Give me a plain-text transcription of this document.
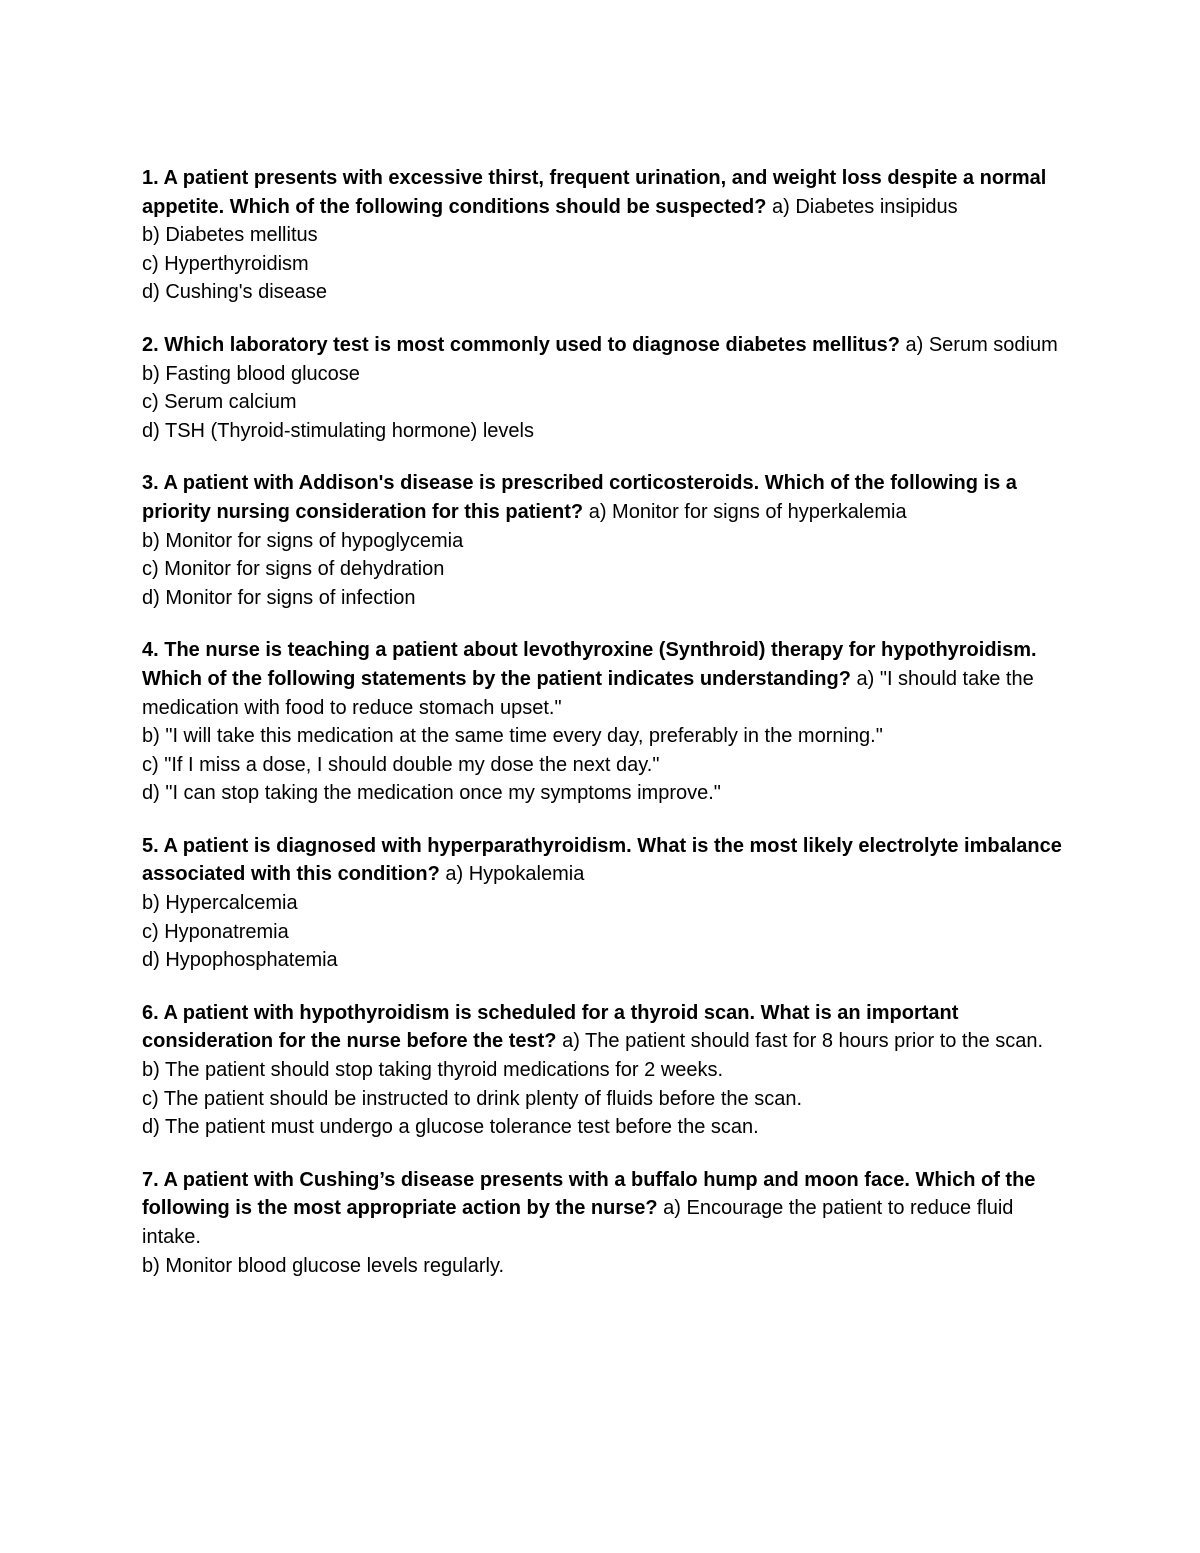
1. A patient presents with excessive thirst, frequent urination, and weight loss despite a normal appetite. Which of the following conditions should be suspected? a) Diabetes insipidus

b) Diabetes mellitus

c) Hyperthyroidism

d) Cushing's disease

2. Which laboratory test is most commonly used to diagnose diabetes mellitus? a) Serum sodium

b) Fasting blood glucose

c) Serum calcium

d) TSH (Thyroid-stimulating hormone) levels

3. A patient with Addison's disease is prescribed corticosteroids. Which of the following is a priority nursing consideration for this patient? a) Monitor for signs of hyperkalemia

b) Monitor for signs of hypoglycemia

c) Monitor for signs of dehydration

d) Monitor for signs of infection

4. The nurse is teaching a patient about levothyroxine (Synthroid) therapy for hypothyroidism. Which of the following statements by the patient indicates understanding? a) "I should take the medication with food to reduce stomach upset."

b) "I will take this medication at the same time every day, preferably in the morning."

c) "If I miss a dose, I should double my dose the next day."

d) "I can stop taking the medication once my symptoms improve."

5. A patient is diagnosed with hyperparathyroidism. What is the most likely electrolyte imbalance associated with this condition? a) Hypokalemia

b) Hypercalcemia

c) Hyponatremia

d) Hypophosphatemia

6. A patient with hypothyroidism is scheduled for a thyroid scan. What is an important consideration for the nurse before the test? a) The patient should fast for 8 hours prior to the scan.

b) The patient should stop taking thyroid medications for 2 weeks.

c) The patient should be instructed to drink plenty of fluids before the scan.

d) The patient must undergo a glucose tolerance test before the scan.

7. A patient with Cushing’s disease presents with a buffalo hump and moon face. Which of the following is the most appropriate action by the nurse? a) Encourage the patient to reduce fluid intake.

b) Monitor blood glucose levels regularly.
